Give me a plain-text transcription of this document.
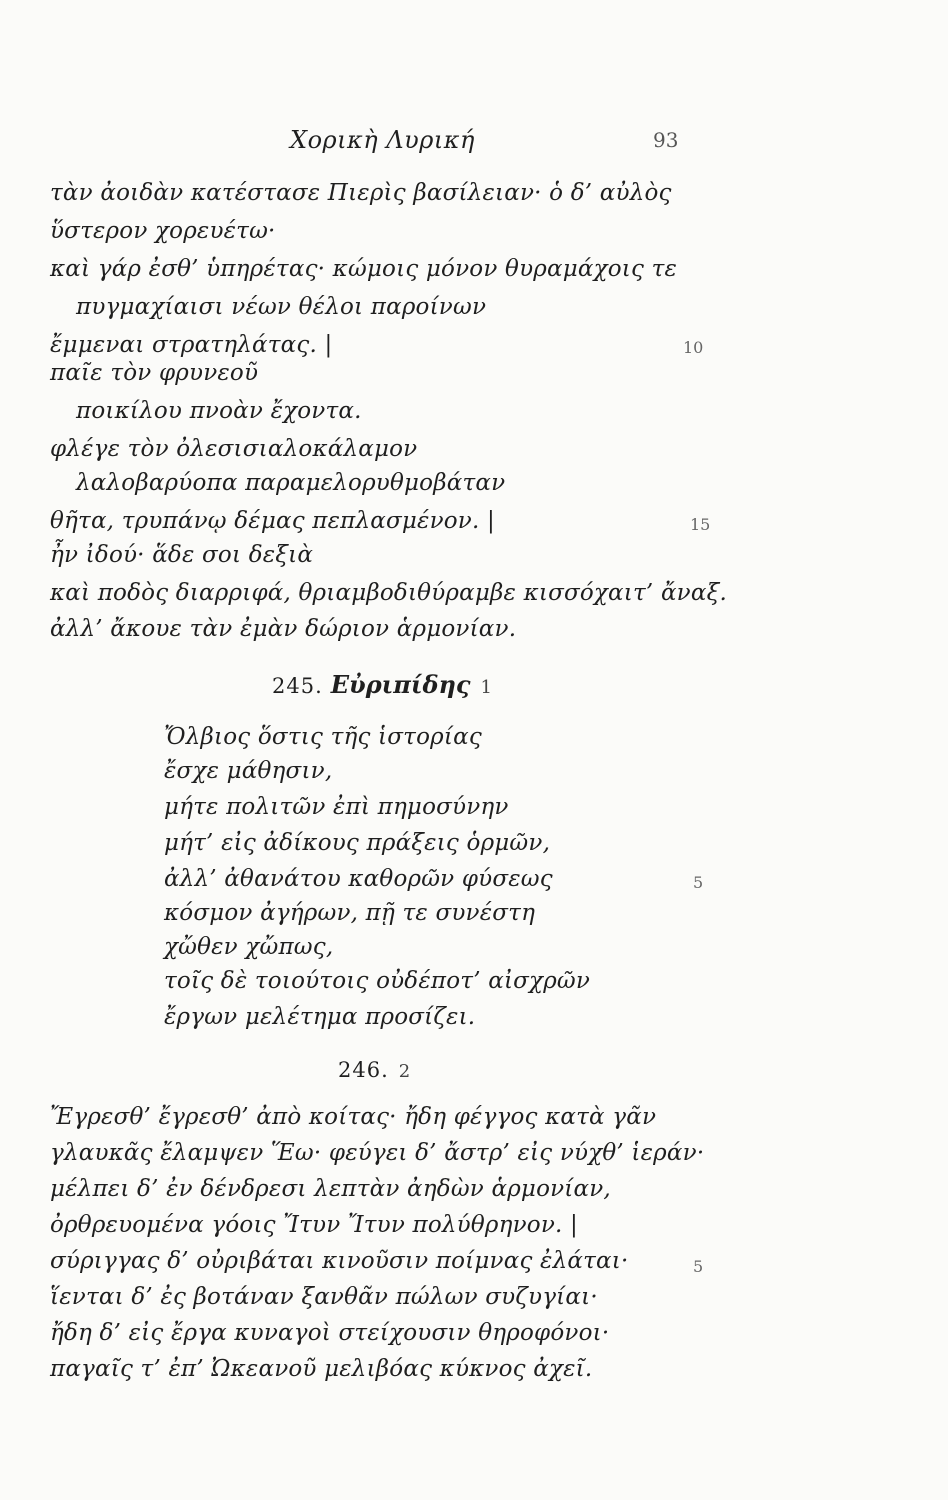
Χορικὴ Λυρική	93
τὰν ἀοιδὰν κατέστασε Πιερὶς βασίλειαν· ὁ δ’ αὐλὸς
ὕστερον χορευέτω·
καὶ γάρ ἐσθ’ ὑπηρέτας· κώμοις μόνον θυραμάχοις τε
πυγμαχίαισι νέων θέλοι παροίνων
ἔμμεναι στρατηλάτας. |	10
παῖε τὸν φρυνεοῦ
ποικίλου πνοὰν ἔχοντα.
φλέγε τὸν ὀλεσισιαλοκάλαμον
λαλοβαρύοπα παραμελορυθμοβάταν
θῆτα, τρυπάνῳ δέμας πεπλασμένον. |	15
ἦν ἰδού· ἅδε σοι δεξιὰ
καὶ ποδὸς διαρριφά, θριαμβοδιθύραμβε κισσόχαιτ’ ἄναξ.
ἀλλ’ ἄκουε τὰν ἐμὰν δώριον ἁρμονίαν.
245. Εὐριπίδης 1
Ὄλβιος ὅστις τῆς ἱστορίας
ἔσχε μάθησιν,
μήτε πολιτῶν ἐπὶ πημοσύνην
μήτ’ εἰς ἀδίκους πράξεις ὁρμῶν,
ἀλλ’ ἀθανάτου καθορῶν φύσεως	5
κόσμον ἀγήρων, πῇ τε συνέστη
χὤθεν χὤπως,
τοῖς δὲ τοιούτοις οὐδέποτ’ αἰσχρῶν
ἔργων μελέτημα προσίζει.
246. 2
Ἔγρεσθ’ ἔγρεσθ’ ἀπὸ κοίτας· ἤδη φέγγος κατὰ γᾶν
γλαυκᾶς ἔλαμψεν Ἕω· φεύγει δ’ ἄστρ’ εἰς νύχθ’ ἱεράν·
μέλπει δ’ ἐν δένδρεσι λεπτὰν ἀηδὼν ἁρμονίαν,
ὀρθρευομένα γόοις Ἴτυν Ἴτυν πολύθρηνον. |
σύριγγας δ’ οὐριβάται κινοῦσιν ποίμνας ἐλάται·	5
ἵενται δ’ ἐς βοτάναν ξανθᾶν πώλων συζυγίαι·
ἤδη δ’ εἰς ἔργα κυναγοὶ στείχουσιν θηροφόνοι·
παγαῖς τ’ ἐπ’ Ὠκεανοῦ μελιβόας κύκνος ἀχεῖ.
